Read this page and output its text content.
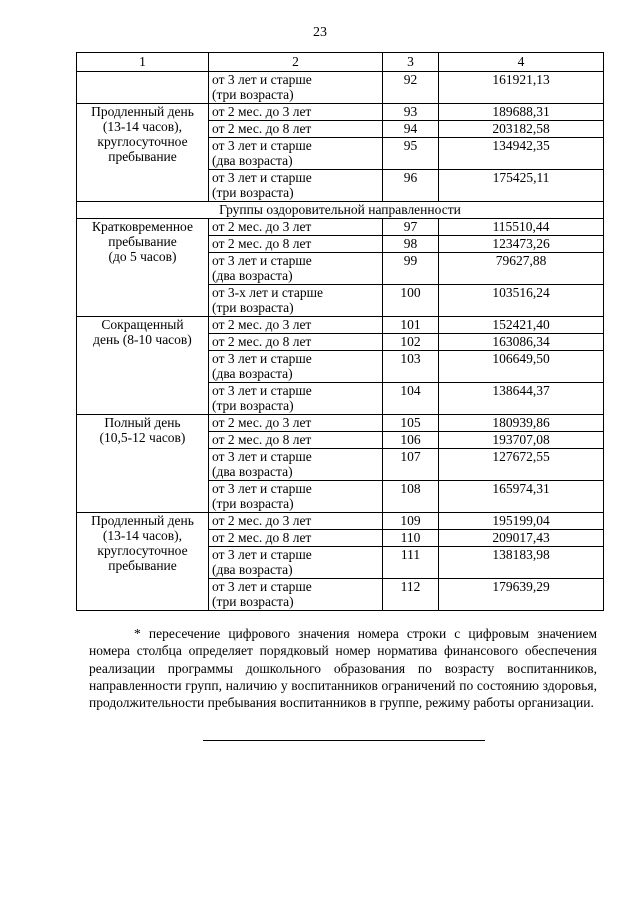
23
1	2	3	4

	от 3 лет и старше
(три возраста)	92	161921,13

Продленный день
(13-14 часов),
круглосуточное
пребывание	от 2 мес. до 3 лет	93	189688,31

	от 2 мес. до 8 лет	94	203182,58

	от 3 лет и старше
(два возраста)	95	134942,35

	от 3 лет и старше
(три возраста)	96	175425,11
Группы оздоровительной направленности			

Кратковременное
пребывание
(до 5 часов)	от 2 мес. до 3 лет	97	115510,44

	от 2 мес. до 8 лет	98	123473,26

	от 3 лет и старше
(два возраста)	99	79627,88

	от 3-х лет и старше
(три возраста)	100	103516,24

Сокращенный
день (8-10 часов)	от 2 мес. до 3 лет	101	152421,40

	от 2 мес. до 8 лет	102	163086,34

	от 3 лет и старше
(два возраста)	103	106649,50

	от 3 лет и старше
(три возраста)	104	138644,37

Полный день
(10,5-12 часов)	от 2 мес. до 3 лет	105	180939,86

	от 2 мес. до 8 лет	106	193707,08

	от 3 лет и старше
(два возраста)	107	127672,55

	от 3 лет и старше
(три возраста)	108	165974,31

Продленный день
(13-14 часов),
круглосуточное
пребывание	от 2 мес. до 3 лет	109	195199,04

	от 2 мес. до 8 лет	110	209017,43

	от 3 лет и старше
(два возраста)	111	138183,98

	от 3 лет и старше
(три возраста)	112	179639,29

* пересечение цифрового значения номера строки с цифровым значением номера столбца определяет порядковый номер норматива финансового обеспечения реализации программы дошкольного образования по возрасту воспитанников, направленности групп, наличию у воспитанников ограничений по состоянию здоровья, продолжительности пребывания воспитанников в группе, режиму работы организации.
